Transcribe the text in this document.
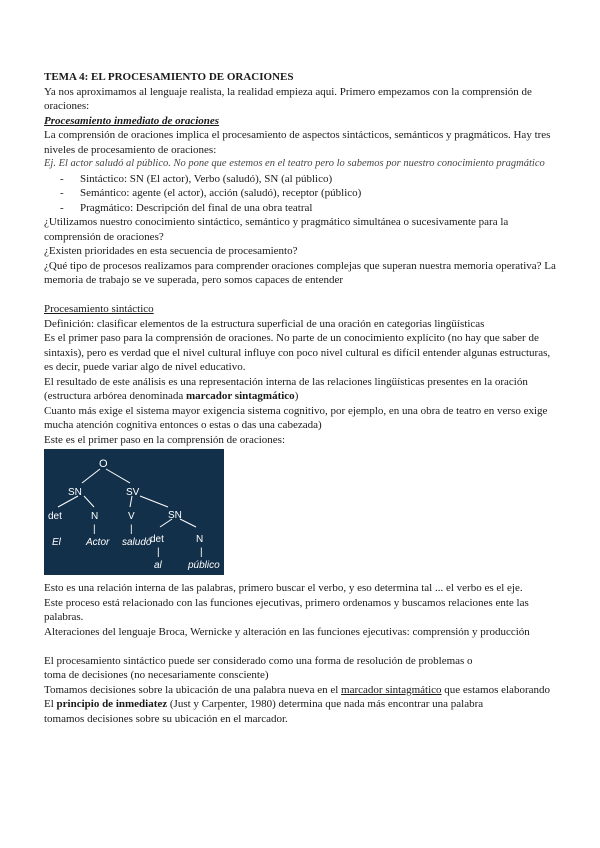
TEMA 4: EL PROCESAMIENTO DE ORACIONES
Ya nos aproximamos al lenguaje realista, la realidad empieza aqui. Primero empezamos con la comprensión de oraciones:
Procesamiento inmediato de oraciones
La comprensión de oraciones implica el procesamiento de aspectos sintácticos, semánticos y pragmáticos. Hay tres niveles de procesamiento de oraciones:
Ej. El actor saludó al público. No pone que estemos en el teatro pero lo sabemos por nuestro conocimiento pragmático
- Sintáctico: SN (El actor), Verbo (saludó), SN (al público)
- Semántico: agente (el actor), acción (saludó), receptor (público)
- Pragmático: Descripción del final de una obra teatral
¿Utilizamos nuestro conocimiento sintáctico, semántico y pragmático simultánea o sucesivamente para la comprensión de oraciones?
¿Existen prioridades en esta secuencia de procesamiento?
¿Qué tipo de procesos realizamos para comprender oraciones complejas que superan nuestra memoria operativa? La memoria de trabajo se ve superada, pero somos capaces de entender
Procesamiento sintáctico
Definición: clasificar elementos de la estructura superficial de una oración en categorias lingüísticas
Es el primer paso para la comprensión de oraciones. No parte de un conocimiento explícito (no hay que saber de sintaxis), pero es verdad que el nivel cultural influye con poco nivel cultural es difícil entender algunas estructuras, es decir, puede variar algo de nivel educativo.
El resultado de este análisis es una representación interna de las relaciones lingüísticas presentes en la oración (estructura arbórea denominada marcador sintagmático)
Cuanto más exige el sistema mayor exigencia sistema cognitivo, por ejemplo, en una obra de teatro en verso exige mucha atención cognitiva entonces o estas o das una cabezada)
Este es el primer paso en la comprensión de oraciones:
O
SN	SV
SN
det	N
|
V
|
det	N
El	Actor saludó
|	|
al	público
Esto es una relación interna de las palabras, primero buscar el verbo, y eso determina tal ... el verbo es el eje.
Este proceso está relacionado con las funciones ejecutivas, primero ordenamos y buscamos relaciones ente las palabras.
Alteraciones del lenguaje Broca, Wernicke y alteración en las funciones ejecutivas: comprensión y producción
El procesamiento sintáctico puede ser considerado como una forma de resolución de problemas o
toma de decisiones (no necesariamente consciente)
Tomamos decisiones sobre la ubicación de una palabra nueva en el marcador sintagmático que estamos elaborando
El principio de inmediatez (Just y Carpenter, 1980) determina que nada más encontrar una palabra
tomamos decisiones sobre su ubicación en el marcador.
